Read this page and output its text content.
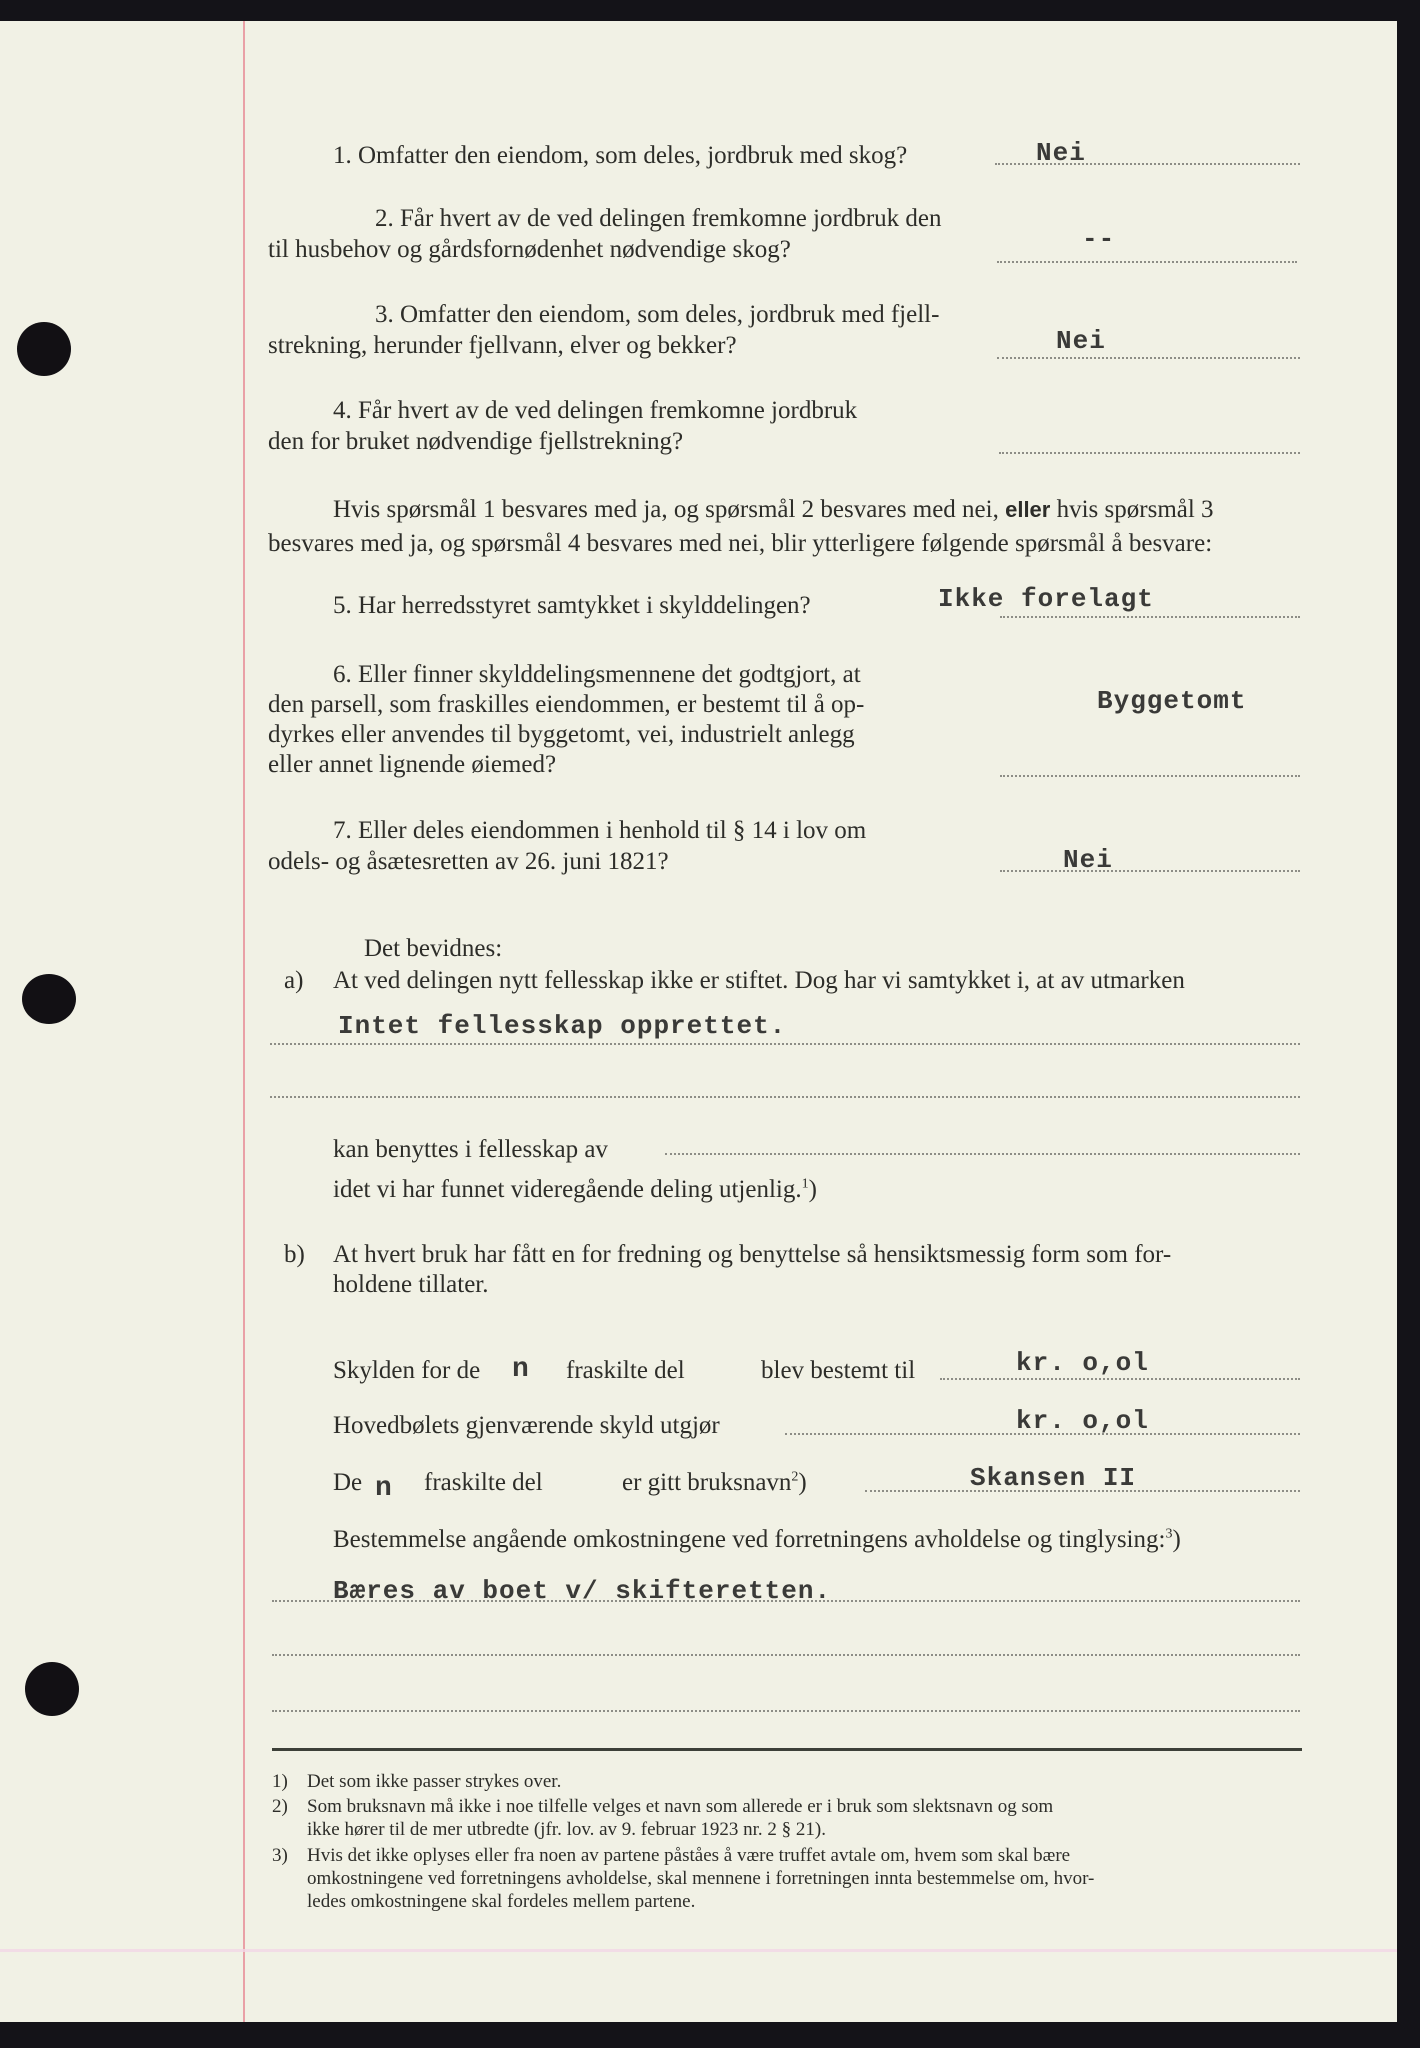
1. Omfatter den eiendom, som deles, jordbruk med skog?	Nei
2. Får hvert av de ved delingen fremkomne jordbruk den
til husbehov og gårdsfornødenhet nødvendige skog?	--
3. Omfatter den eiendom, som deles, jordbruk med fjell-
strekning, herunder fjellvann, elver og bekker?	Nei
4. Får hvert av de ved delingen fremkomne jordbruk
den for bruket nødvendige fjellstrekning?
Hvis spørsmål 1 besvares med ja, og spørsmål 2 besvares med nei, eller hvis spørsmål 3
besvares med ja, og spørsmål 4 besvares med nei, blir ytterligere følgende spørsmål å besvare:
5. Har herredsstyret samtykket i skylddelingen?	Ikke forelagt
6. Eller finner skylddelingsmennene det godtgjort, at
den parsell, som fraskilles eiendommen, er bestemt til å op-
dyrkes eller anvendes til byggetomt, vei, industrielt anlegg
eller annet lignende øiemed?
Byggetomt
7. Eller deles eiendommen i henhold til § 14 i lov om
odels- og åsætesretten av 26. juni 1821?	Nei
Det bevidnes:
a) At ved delingen nytt fellesskap ikke er stiftet. Dog har vi samtykket i, at av utmarken
Intet fellesskap opprettet.
kan benyttes i fellesskap av
idet vi har funnet videregående deling utjenlig.$^1$)
b) At hvert bruk har fått en for fredning og benyttelse så hensiktsmessig form som for-
holdene tillater.
Skylden for de n fraskilte del	blev bestemt til	kr. o,ol
Hovedbølets gjenværende skyld utgjør	kr. o,ol
De n fraskilte del	er gitt bruksnavn$^2$)	Skansen II
Bestemmelse angående omkostningene ved forretningens avholdelse og tinglysing:$^3$)
Bæres av boet v/ skifteretten.
1) Det som ikke passer strykes over.
2) Som bruksnavn må ikke i noe tilfelle velges et navn som allerede er i bruk som slektsnavn og som
ikke hører til de mer utbredte (jfr. lov. av 9. februar 1923 nr. 2 § 21).
3) Hvis det ikke oplyses eller fra noen av partene påståes å være truffet avtale om, hvem som skal bære
omkostningene ved forretningens avholdelse, skal mennene i forretningen innta bestemmelse om, hvor-
ledes omkostningene skal fordeles mellem partene.
